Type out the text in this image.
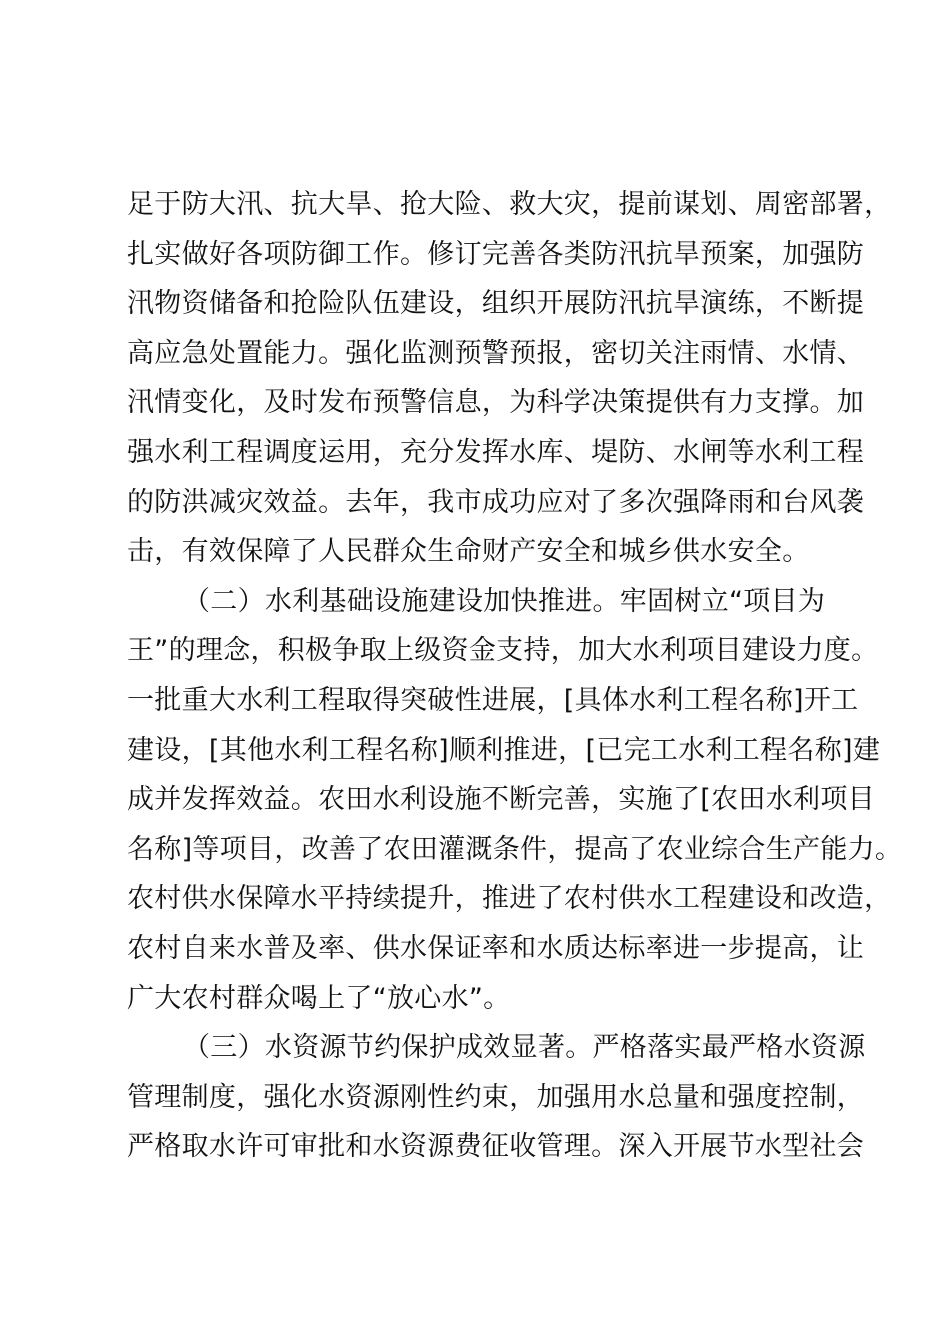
足于防大汛、抗大旱、抢大险、救大灾，提前谋划、周密部署，
扎实做好各项防御工作。修订完善各类防汛抗旱预案，加强防
汛物资储备和抢险队伍建设，组织开展防汛抗旱演练，不断提
高应急处置能力。强化监测预警预报，密切关注雨情、水情、
汛情变化，及时发布预警信息，为科学决策提供有力支撑。加
强水利工程调度运用，充分发挥水库、堤防、水闸等水利工程
的防洪减灾效益。去年，我市成功应对了多次强降雨和台风袭
击，有效保障了人民群众生命财产安全和城乡供水安全。
（二）水利基础设施建设加快推进。牢固树立“项目为
王”的理念，积极争取上级资金支持，加大水利项目建设力度。
一批重大水利工程取得突破性进展，[具体水利工程名称]开工
建设，[其他水利工程名称]顺利推进，[已完工水利工程名称]建
成并发挥效益。农田水利设施不断完善，实施了[农田水利项目
名称]等项目，改善了农田灌溉条件，提高了农业综合生产能力。
农村供水保障水平持续提升，推进了农村供水工程建设和改造，
农村自来水普及率、供水保证率和水质达标率进一步提高，让
广大农村群众喝上了“放心水”。
（三）水资源节约保护成效显著。严格落实最严格水资源
管理制度，强化水资源刚性约束，加强用水总量和强度控制，
严格取水许可审批和水资源费征收管理。深入开展节水型社会
